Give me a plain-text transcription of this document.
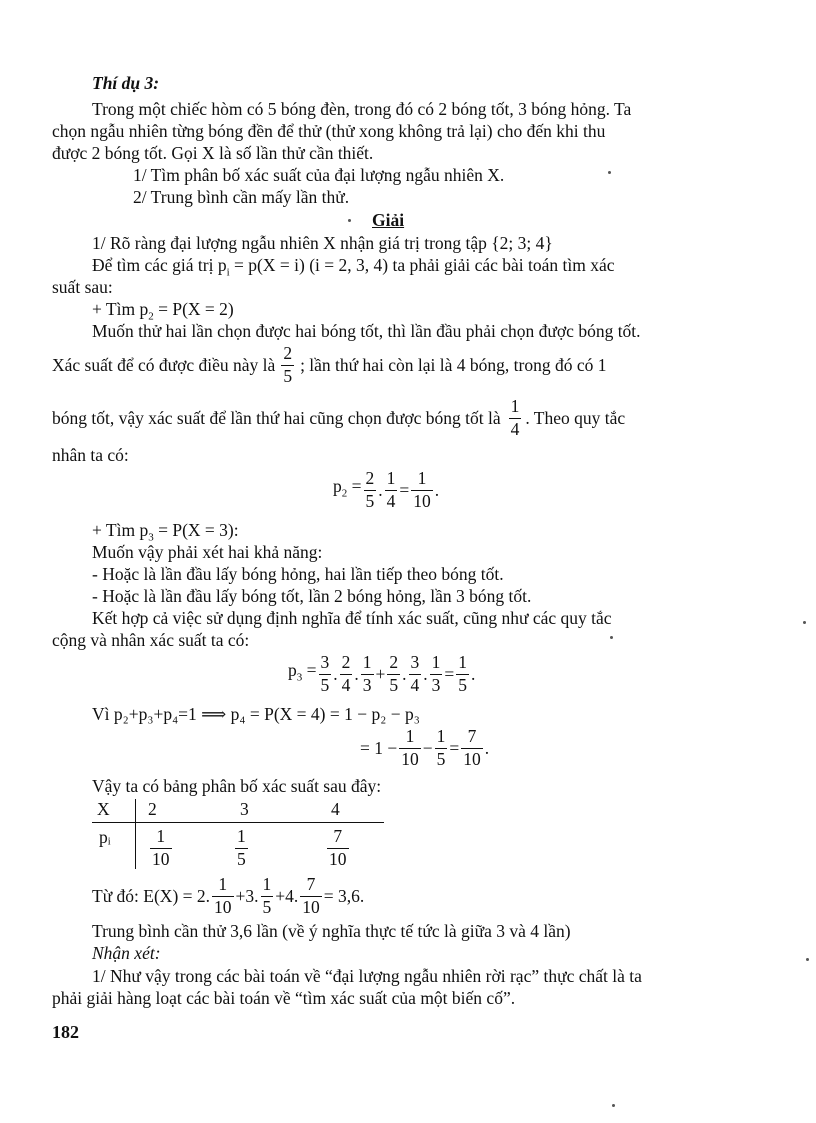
Thí dụ 3:
Trong một chiếc hòm có 5 bóng đèn, trong đó có 2 bóng tốt, 3 bóng hỏng. Ta
chọn ngẫu nhiên từng bóng đền để thử (thử xong không trả lại) cho đến khi thu
được 2 bóng tốt. Gọi X là số lần thử cần thiết.
1/ Tìm phân bố xác suất của đại lượng ngẫu nhiên X.
2/ Trung bình cần mấy lần thử.
Giải
1/ Rõ ràng đại lượng ngẫu nhiên X nhận giá trị trong tập {2; 3; 4}
Để tìm các giá trị $p_i = p(X = i) (i = 2$, 3, 4) ta phải giải các bài toán tìm xác
suất sau:
+ Tìm $p_2 = P(X = 2)$
Muốn thử hai lần chọn được hai bóng tốt, thì lần đầu phải chọn được bóng tốt.
Xác suất để có được điều này là $\frac{2}{5}$ ; lần thứ hai còn lại là 4 bóng, trong đó có 1
bóng tốt, vậy xác suất để lần thứ hai cũng chọn được bóng tốt là $\frac{1}{4}$ . Theo quy tắc
nhân ta có:
$p_2 = \frac{2}{5}$ . $\frac{1}{4} = \frac{1}{10}$ .
+ Tìm $p_3 = P(X = 3)$:
Muốn vậy phải xét hai khả năng:
- Hoặc là lần đầu lấy bóng hỏng, hai lần tiếp theo bóng tốt.
- Hoặc là lần đầu lấy bóng tốt, lần 2 bóng hỏng, lần 3 bóng tốt.
Kết hợp cả việc sử dụng định nghĩa để tính xác suất, cũng như các quy tắc
cộng và nhân xác suất ta có:
$p_3 = \frac{3}{5}$ . $\frac{2}{4}$ . $\frac{1}{3} + \frac{2}{5}$ . $\frac{3}{4}$ . $\frac{1}{3} = \frac{1}{5}$ .
Vì p₂+p₃+p₄=1 ⟹ p₄ = P(X = 4) = 1 − p₂ − p₃
= $1 - \frac{1}{10} - \frac{1}{5} = \frac{7}{10}$ .
Vậy ta có bảng phân bố xác suất sau đây:
X 2	3	4
pᵢ $\frac{1}{10}$	$\frac{1}{5}$	$\frac{7}{10}$
Từ đó: E(X) = 2. $\frac{1}{10} +3$. $\frac{1}{5} +4$. $\frac{7}{10} = 3,6$.
Trung bình cần thử 3,6 lần (về ý nghĩa thực tế tức là giữa 3 và 4 lần)
Nhận xét:
1/ Như vậy trong các bài toán về “đại lượng ngẫu nhiên rời rạc” thực chất là ta
phải giải hàng loạt các bài toán về “tìm xác suất của một biến cố”.
182
